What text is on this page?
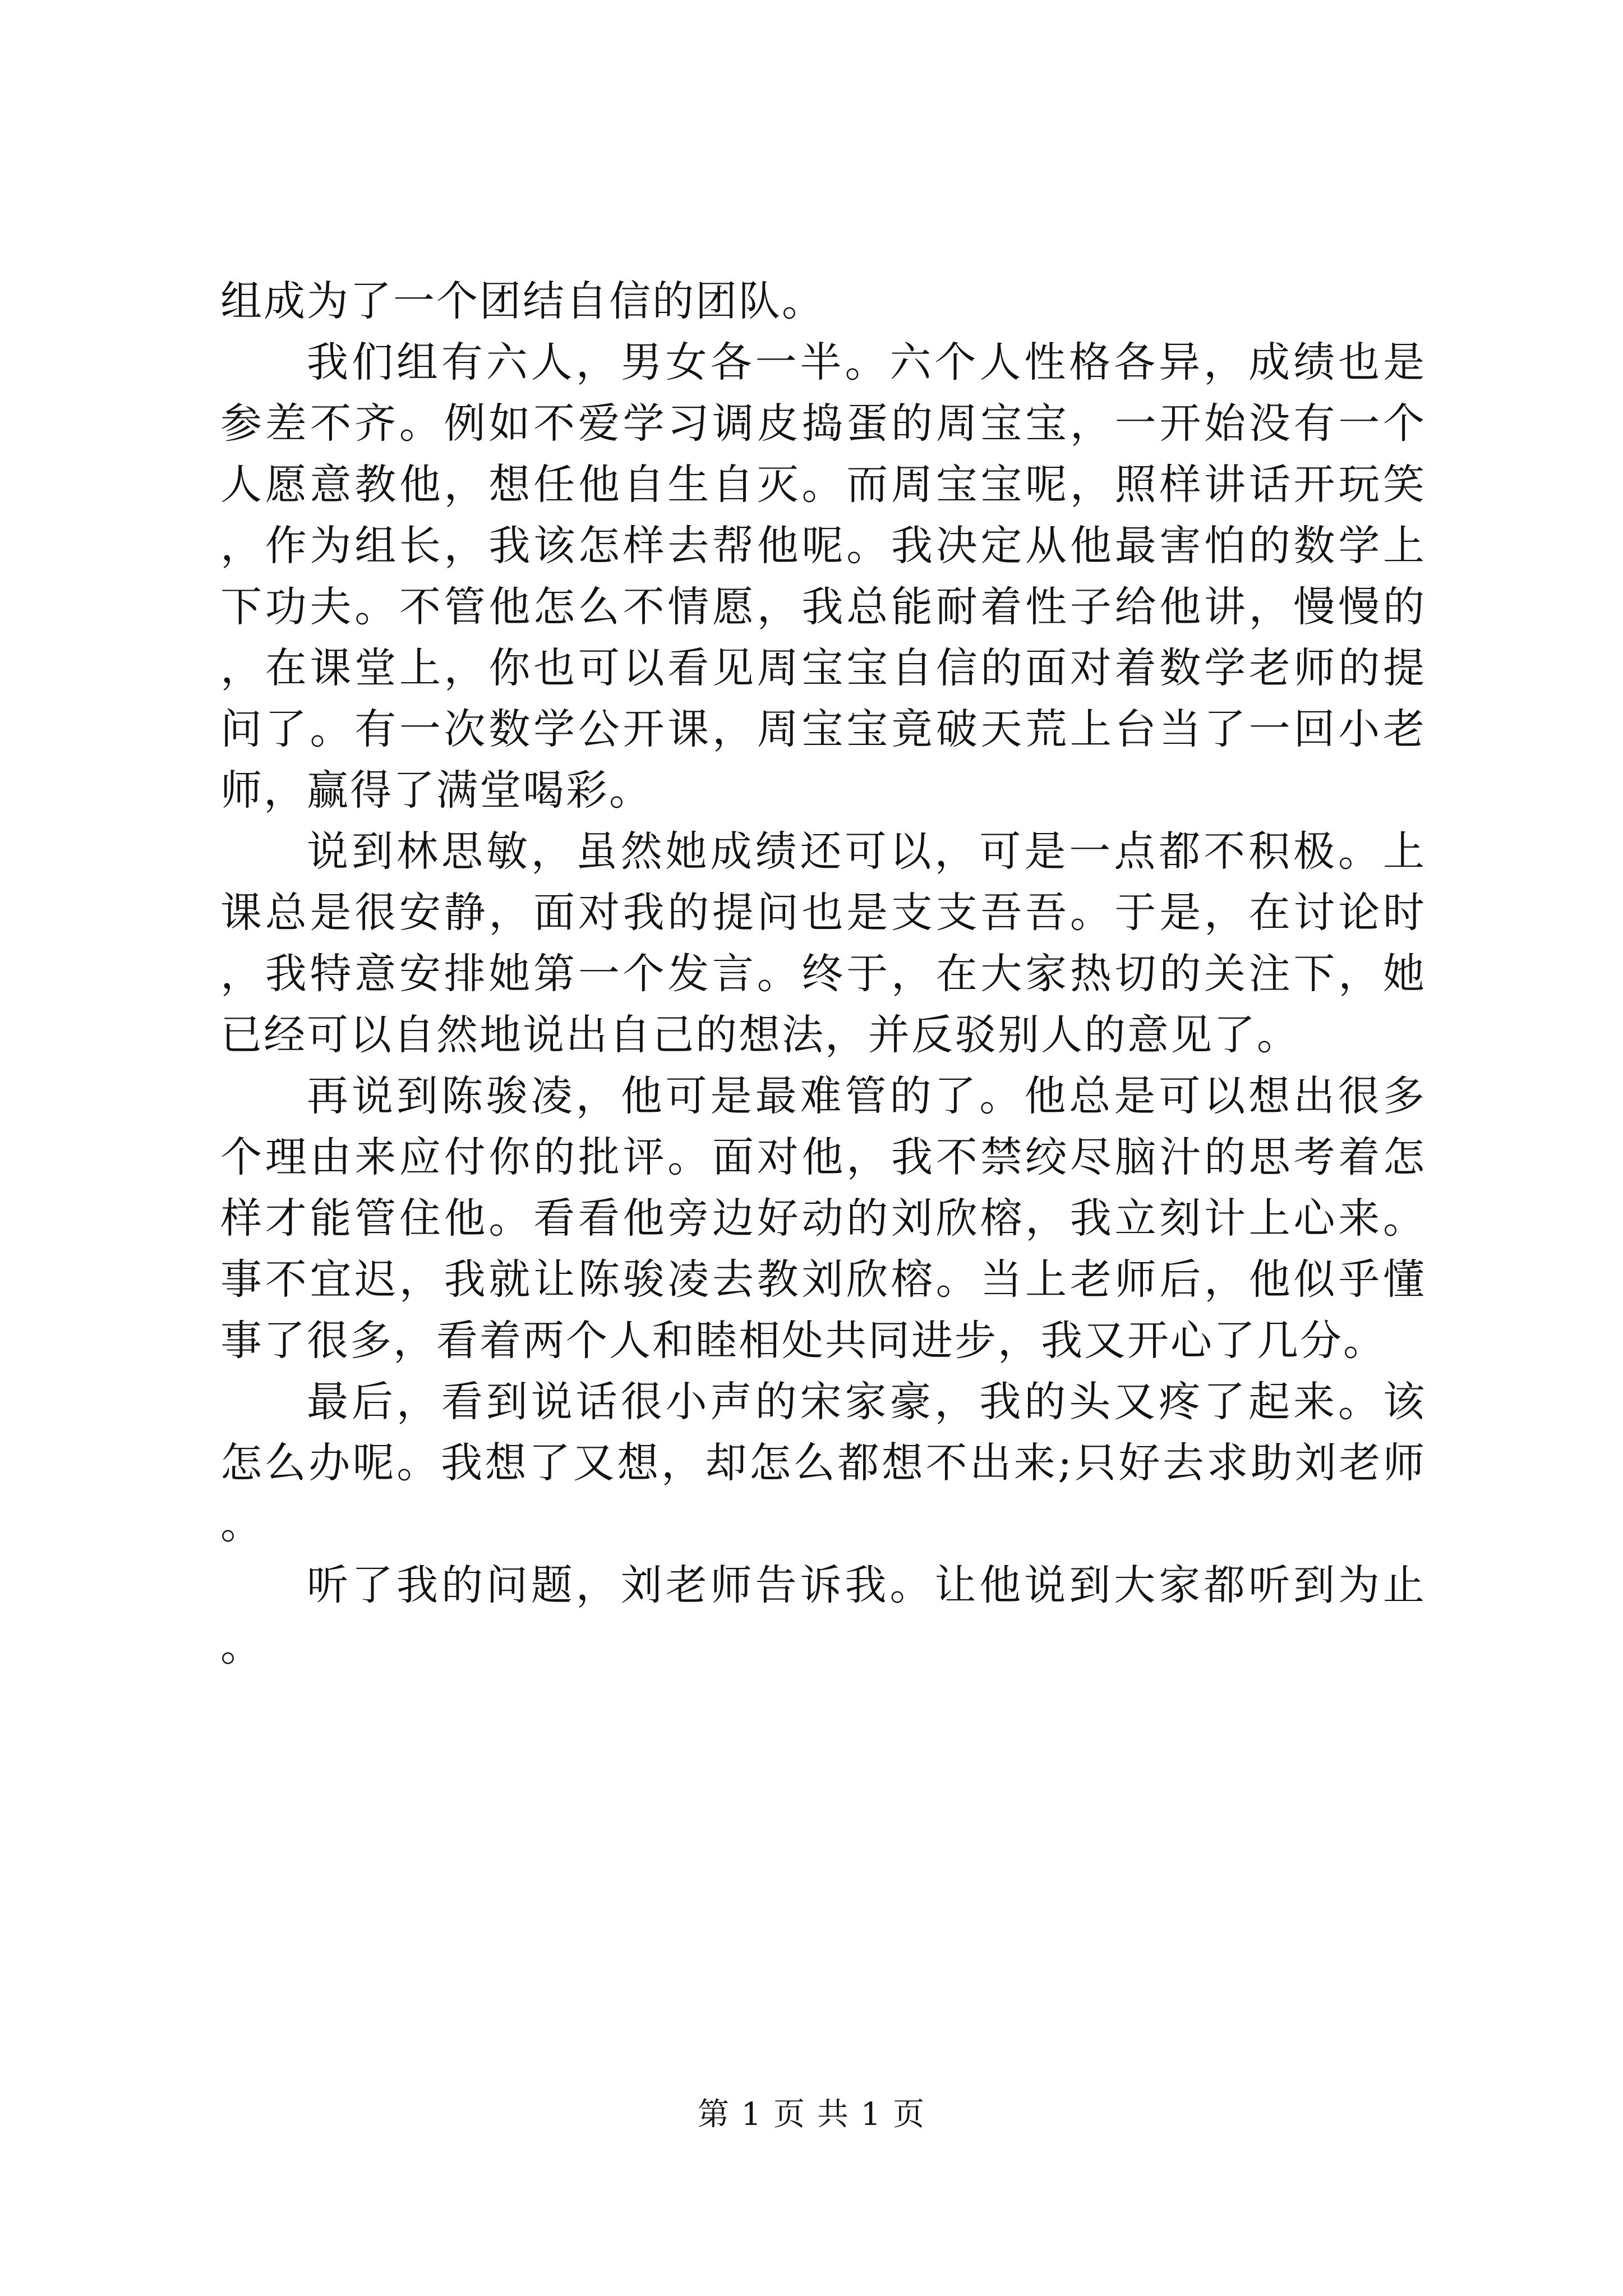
组成为了一个团结自信的团队。

我们组有六人，男女各一半。六个人性格各异，成绩也是参差不齐。例如不爱学习调皮捣蛋的周宝宝，一开始没有一个人愿意教他，想任他自生自灭。而周宝宝呢，照样讲话开玩笑，作为组长，我该怎样去帮他呢。我决定从他最害怕的数学上下功夫。不管他怎么不情愿，我总能耐着性子给他讲，慢慢的，在课堂上，你也可以看见周宝宝自信的面对着数学老师的提问了。有一次数学公开课，周宝宝竟破天荒上台当了一回小老师，赢得了满堂喝彩。

说到林思敏，虽然她成绩还可以，可是一点都不积极。上课总是很安静，面对我的提问也是支支吾吾。于是，在讨论时，我特意安排她第一个发言。终于，在大家热切的关注下，她已经可以自然地说出自己的想法，并反驳别人的意见了。

再说到陈骏凌，他可是最难管的了。他总是可以想出很多个理由来应付你的批评。面对他，我不禁绞尽脑汁的思考着怎样才能管住他。看看他旁边好动的刘欣榕，我立刻计上心来。事不宜迟，我就让陈骏凌去教刘欣榕。当上老师后，他似乎懂事了很多，看着两个人和睦相处共同进步，我又开心了几分。

最后，看到说话很小声的宋家豪，我的头又疼了起来。该怎么办呢。我想了又想，却怎么都想不出来;只好去求助刘老师。

听了我的问题，刘老师告诉我。让他说到大家都听到为止。

第 1 页 共 1 页
